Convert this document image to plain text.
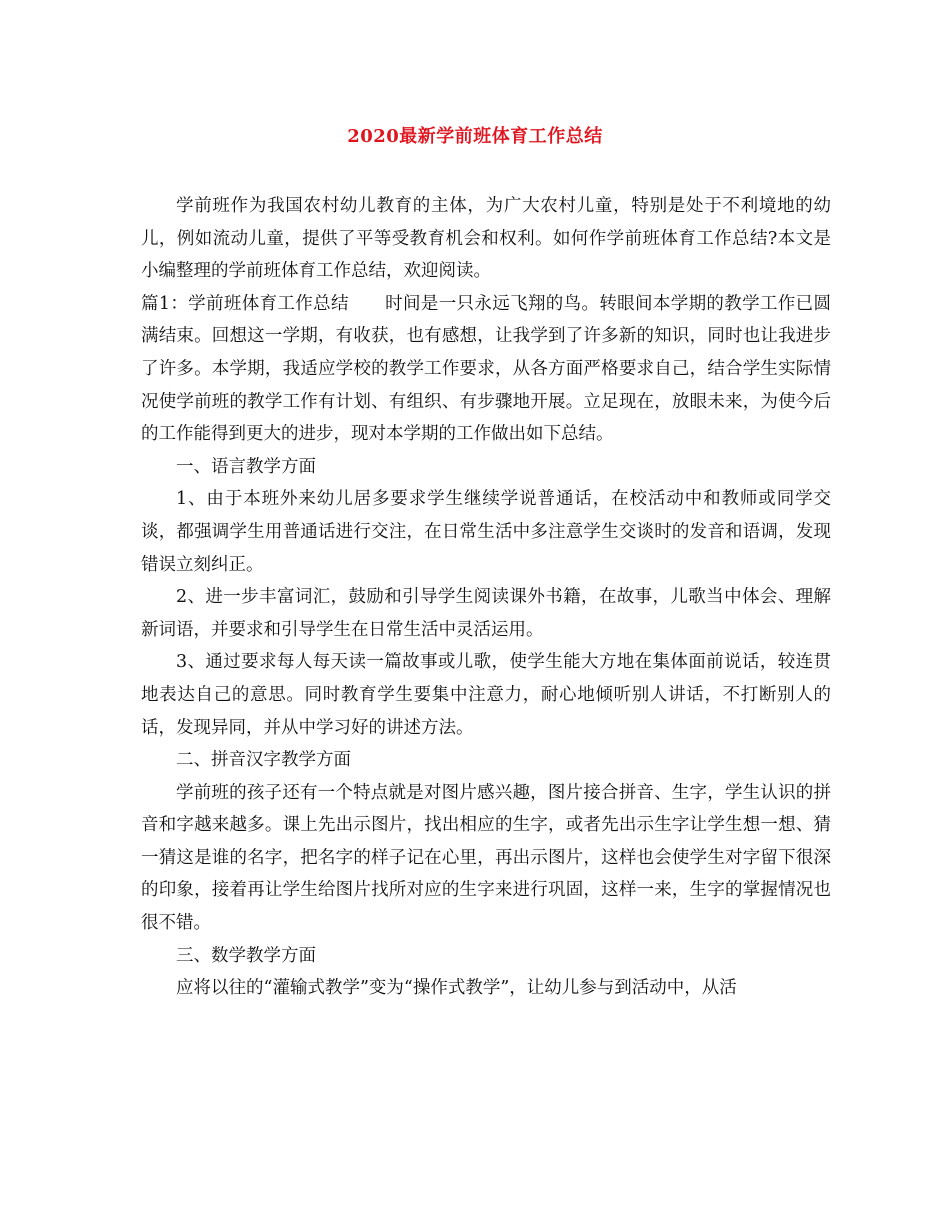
2020最新学前班体育工作总结

学前班作为我国农村幼儿教育的主体，为广大农村儿童，特别是处于不利境地的幼儿，例如流动儿童，提供了平等受教育机会和权利。如何作学前班体育工作总结?本文是小编整理的学前班体育工作总结，欢迎阅读。

篇1：学前班体育工作总结 时间是一只永远飞翔的鸟。转眼间本学期的教学工作已圆满结束。回想这一学期，有收获，也有感想，让我学到了许多新的知识，同时也让我进步了许多。本学期，我适应学校的教学工作要求，从各方面严格要求自己，结合学生实际情况使学前班的教学工作有计划、有组织、有步骤地开展。立足现在，放眼未来，为使今后的工作能得到更大的进步，现对本学期的工作做出如下总结。

一、语言教学方面

1、由于本班外来幼儿居多要求学生继续学说普通话，在校活动中和教师或同学交谈，都强调学生用普通话进行交注，在日常生活中多注意学生交谈时的发音和语调，发现错误立刻纠正。

2、进一步丰富词汇，鼓励和引导学生阅读课外书籍，在故事，儿歌当中体会、理解新词语，并要求和引导学生在日常生活中灵活运用。

3、通过要求每人每天读一篇故事或儿歌，使学生能大方地在集体面前说话，较连贯地表达自己的意思。同时教育学生要集中注意力，耐心地倾听别人讲话，不打断别人的话，发现异同，并从中学习好的讲述方法。

二、拼音汉字教学方面

学前班的孩子还有一个特点就是对图片感兴趣，图片接合拼音、生字，学生认识的拼音和字越来越多。课上先出示图片，找出相应的生字，或者先出示生字让学生想一想、猜一猜这是谁的名字，把名字的样子记在心里，再出示图片，这样也会使学生对字留下很深的印象，接着再让学生给图片找所对应的生字来进行巩固，这样一来，生字的掌握情况也很不错。

三、数学教学方面

应将以往的“灌输式教学”变为“操作式教学”，让幼儿参与到活动中，从活
